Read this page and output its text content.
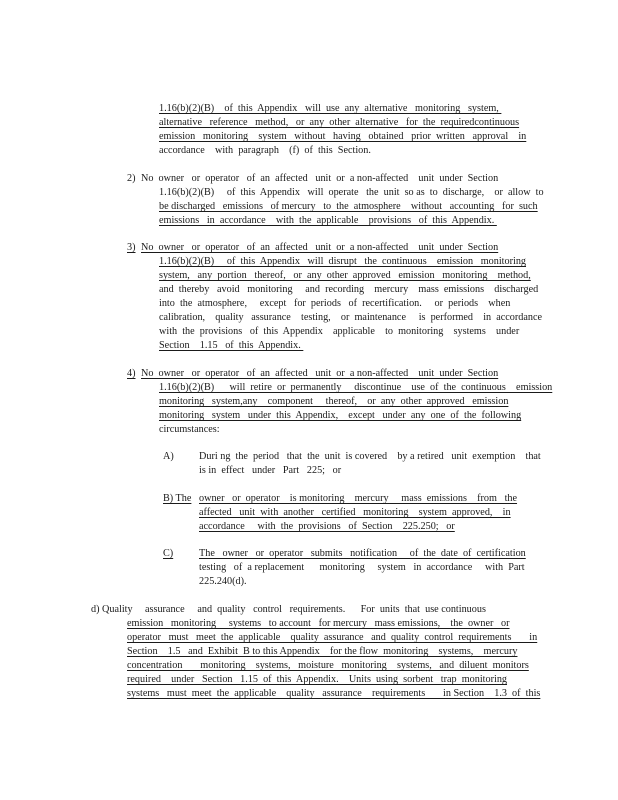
1.16(b)(2)(B)    of  this  Appendix   will  use  any  alternative   monitoring   system,
alternative   reference   method,   or  any  other  alternative   for  the  requiredcontinuous
emission   monitoring    system   without   having   obtained   prior  written   approval    in
accordance    with  paragraph    (f)  of  this  Section.
2) No  owner   or  operator   of  an  affected   unit  or  a non-affected    unit  under  Section
1.16(b)(2)(B)     of  this  Appendix   will  operate   the  unit  so as  to  discharge,    or  allow  to
be discharged   emissions   of mercury   to  the  atmosphere    without   accounting   for  such
emissions   in  accordance    with  the  applicable    provisions   of  this  Appendix.
3) No  owner   or  operator   of  an  affected   unit  or  a non-affected    unit  under  Section
1.16(b)(2)(B)     of  this  Appendix   will  disrupt   the  continuous    emission   monitoring
system,   any  portion   thereof,   or  any  other  approved   emission   monitoring    method,
and  thereby   avoid   monitoring     and  recording    mercury    mass  emissions    discharged
into  the  atmosphere,     except   for  periods   of  recertification.     or  periods    when
calibration,    quality   assurance    testing,    or  maintenance     is  performed    in  accordance
with  the  provisions   of  this  Appendix    applicable    to  monitoring    systems    under
Section    1.15   of  this  Appendix.
4) No  owner   or  operator   of  an  affected   unit  or  a non-affected    unit  under  Section
1.16(b)(2)(B)      will  retire  or  permanently     discontinue    use  of  the  continuous    emission
monitoring   system,any    component     thereof,    or  any  other  approved   emission
monitoring   system   under  this  Appendix,    except   under  any  one  of  the  following
circumstances:
A) Duri ng  the  period   that  the  unit  is covered    by a retired   unit  exemption    that
is in  effect   under   Part   225;   or
B) The owner   or  operator    is monitoring    mercury     mass  emissions    from   the
affected   unit  with  another   certified   monitoring    system  approved,    in
accordance     with  the  provisions   of  Section    225.250;   or
C)	The   owner   or  operator   submits   notification     of  the  date  of  certification
testing   of  a replacement      monitoring     system   in  accordance     with  Part
225.240(d).
d) Quality assurance     and  quality   control   requirements.      For  units  that  use continuous
emission   monitoring     systems   to account   for mercury   mass emissions,    the  owner   or
operator   must   meet  the  applicable    quality  assurance   and  quality  control  requirements       in
Section    1.5   and  Exhibit  B to this Appendix    for the flow  monitoring    systems,    mercury
concentration       monitoring    systems,   moisture   monitoring    systems,   and  diluent  monitors
required    under   Section   1.15  of  this  Appendix.    Units  using  sorbent   trap  monitoring
systems   must  meet  the  applicable    quality   assurance    requirements       in Section    1.3  of  this
